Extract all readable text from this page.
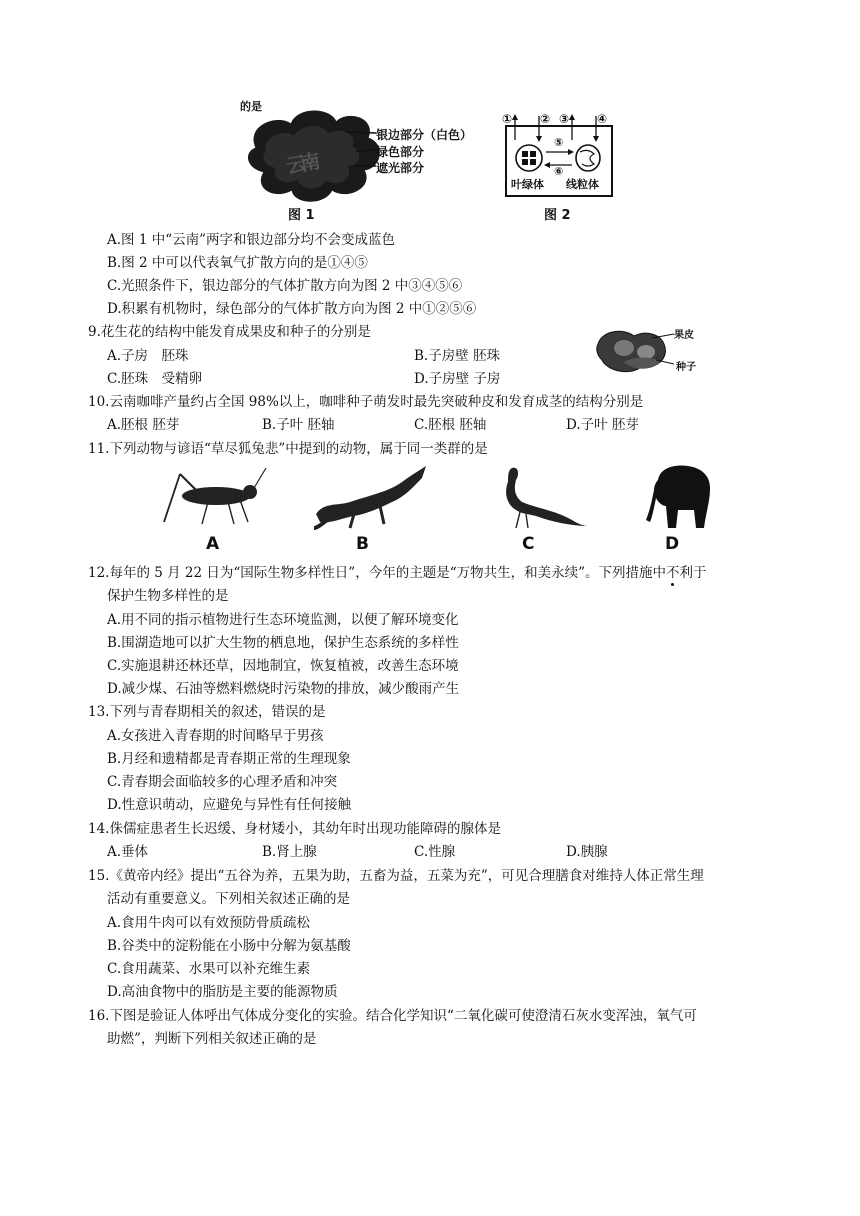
的是
云南
银边部分（白色）
绿色部分
遮光部分
图 1
① ② ③ ④
⑤
⑥
叶绿体 线粒体
图 2
A.图 1 中“云南”两字和银边部分均不会变成蓝色
B.图 2 中可以代表氧气扩散方向的是①④⑤
C.光照条件下，银边部分的气体扩散方向为图 2 中③④⑤⑥
D.积累有机物时，绿色部分的气体扩散方向为图 2 中①②⑤⑥
9.花生花的结构中能发育成果皮和种子的分别是
A.子房　胚珠	B.子房壁 胚珠
C.胚珠　受精卵	D.子房壁 子房
果皮
种子
10.云南咖啡产量约占全国 98%以上，咖啡种子萌发时最先突破种皮和发育成茎的结构分别是
A.胚根 胚芽	B.子叶 胚轴	C.胚根 胚轴	D.子叶 胚芽
11.下列动物与谚语“草尽狐兔悲”中提到的动物，属于同一类群的是
A	B	C	D
12.每年的 5 月 22 日为“国际生物多样性日”，今年的主题是“万物共生，和美永续”。下列措施中不利于
保护生物多样性的是
A.用不同的指示植物进行生态环境监测，以便了解环境变化
B.围湖造地可以扩大生物的栖息地，保护生态系统的多样性
C.实施退耕还林还草，因地制宜，恢复植被，改善生态环境
D.减少煤、石油等燃料燃烧时污染物的排放，减少酸雨产生
13.下列与青春期相关的叙述，错误的是
A.女孩进入青春期的时间略早于男孩
B.月经和遗精都是青春期正常的生理现象
C.青春期会面临较多的心理矛盾和冲突
D.性意识萌动，应避免与异性有任何接触
14.侏儒症患者生长迟缓、身材矮小，其幼年时出现功能障碍的腺体是
A.垂体	B.肾上腺	C.性腺	D.胰腺
15.《黄帝内经》提出“五谷为养，五果为助，五畜为益，五菜为充”，可见合理膳食对维持人体正常生理
活动有重要意义。下列相关叙述正确的是
A.食用牛肉可以有效预防骨质疏松
B.谷类中的淀粉能在小肠中分解为氨基酸
C.食用蔬菜、水果可以补充维生素
D.高油食物中的脂肪是主要的能源物质
16.下图是验证人体呼出气体成分变化的实验。结合化学知识“二氧化碳可使澄清石灰水变浑浊，氧气可
助燃”，判断下列相关叙述正确的是
